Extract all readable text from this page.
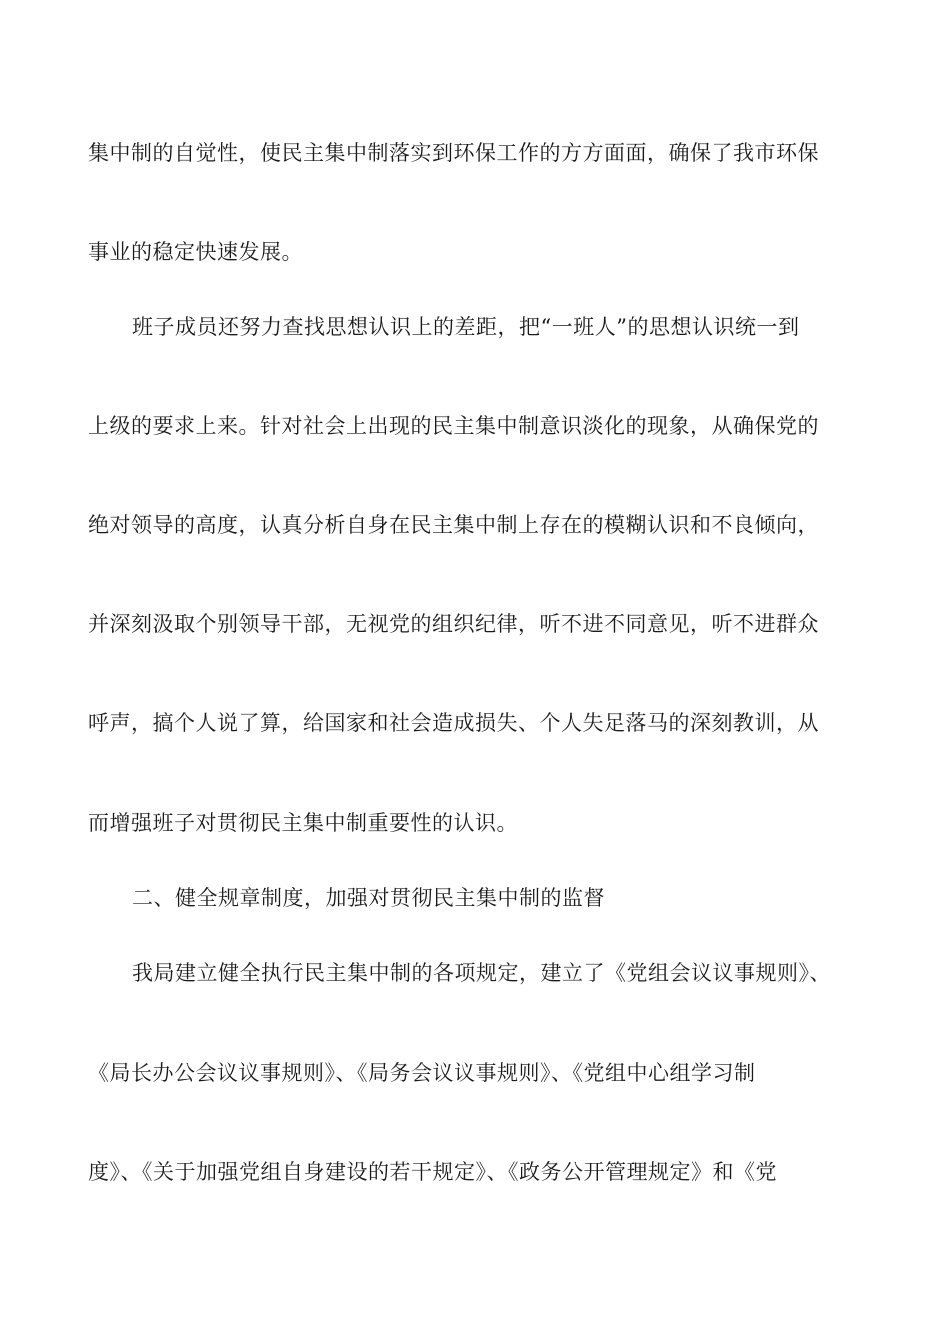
集中制的自觉性，使民主集中制落实到环保工作的方方面面，确保了我市环保
事业的稳定快速发展。
班子成员还努力查找思想认识上的差距，把“一班人”的思想认识统一到
上级的要求上来。针对社会上出现的民主集中制意识淡化的现象，从确保党的
绝对领导的高度，认真分析自身在民主集中制上存在的模糊认识和不良倾向，
并深刻汲取个别领导干部，无视党的组织纪律，听不进不同意见，听不进群众
呼声，搞个人说了算，给国家和社会造成损失、个人失足落马的深刻教训，从
而增强班子对贯彻民主集中制重要性的认识。
二、健全规章制度，加强对贯彻民主集中制的监督
我局建立健全执行民主集中制的各项规定，建立了《党组会议议事规则》、
《局长办公会议议事规则》、《局务会议议事规则》、《党组中心组学习制
度》、《关于加强党组自身建设的若干规定》、《政务公开管理规定》和《党
